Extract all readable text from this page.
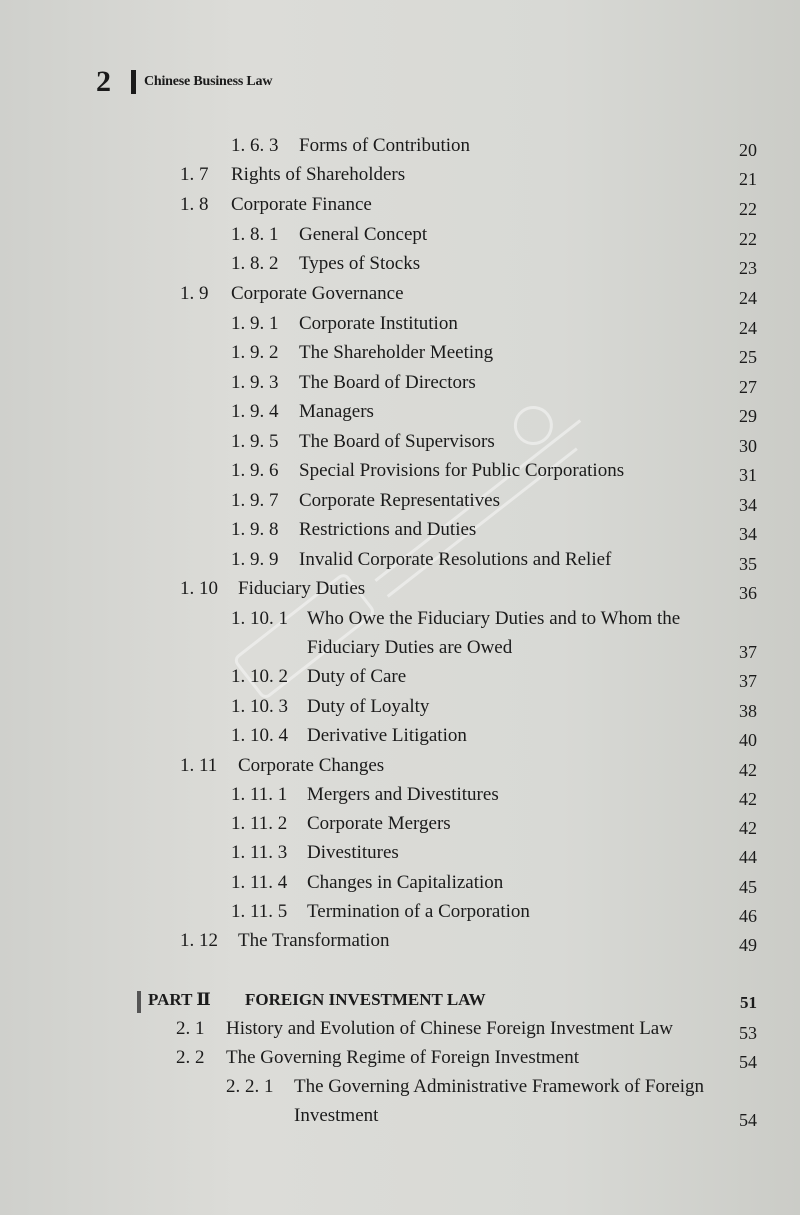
2 Chinese Business Law
1. 6. 3 Forms of Contribution	20
1. 7 Rights of Shareholders	21
1. 8 Corporate Finance	22
1. 8. 1 General Concept	22
1. 8. 2 Types of Stocks	23
1. 9 Corporate Governance	24
1. 9. 1 Corporate Institution	24
1. 9. 2 The Shareholder Meeting	25
1. 9. 3 The Board of Directors	27
1. 9. 4 Managers	29
1. 9. 5 The Board of Supervisors	30
1. 9. 6 Special Provisions for Public Corporations	31
1. 9. 7 Corporate Representatives	34
1. 9. 8 Restrictions and Duties	34
1. 9. 9 Invalid Corporate Resolutions and Relief	35
1. 10 Fiduciary Duties	36
1. 10. 1 Who Owe the Fiduciary Duties and to Whom the
Fiduciary Duties are Owed	37
1. 10. 2 Duty of Care	37
1. 10. 3 Duty of Loyalty	38
1. 10. 4 Derivative Litigation	40
1. 11 Corporate Changes	42
1. 11. 1 Mergers and Divestitures	42
1. 11. 2 Corporate Mergers	42
1. 11. 3 Divestitures	44
1. 11. 4 Changes in Capitalization	45
1. 11. 5 Termination of a Corporation	46
1. 12 The Transformation	49
PART Ⅱ FOREIGN INVESTMENT LAW	51
2. 1 History and Evolution of Chinese Foreign Investment Law	53
2. 2 The Governing Regime of Foreign Investment	54
2. 2. 1 The Governing Administrative Framework of Foreign
Investment	54
